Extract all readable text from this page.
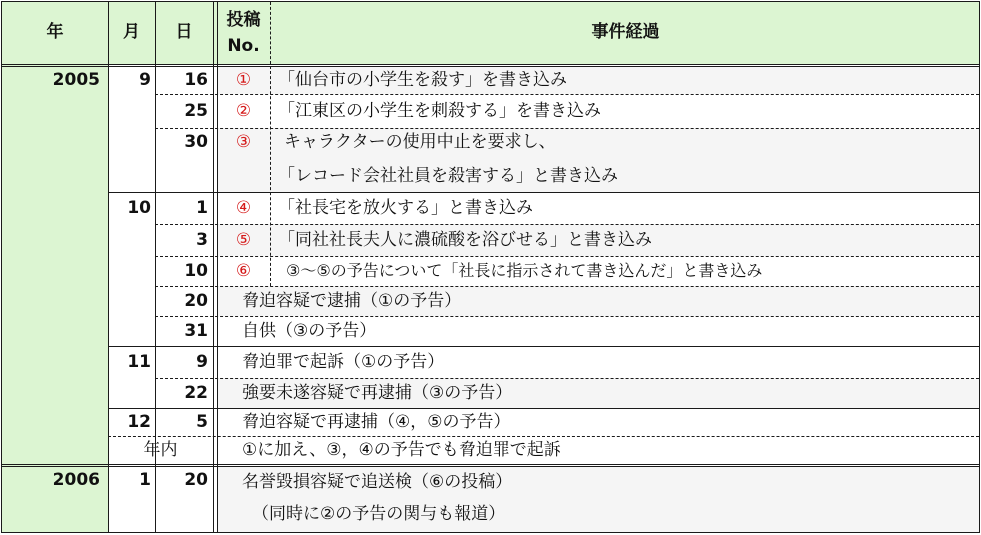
年	月	日
投稿
No.
事件経過
2005
2006
9
10
11
12
年内
1
16
25
30
1
3
10
20
31
9
22
5
20
①
②
③
④
⑤
⑥
「仙台市の小学生を殺す」を書き込み
「江東区の小学生を刺殺する」を書き込み
キャラクターの使用中止を要求し、
「レコード会社社員を殺害する」と書き込み
「社長宅を放火する」と書き込み
「同社社長夫人に濃硫酸を浴びせる」と書き込み
③〜⑤の予告について「社長に指示されて書き込んだ」と書き込み
脅迫容疑で逮捕（①の予告）
自供（③の予告）
脅迫罪で起訴（①の予告）
強要未遂容疑で再逮捕（③の予告）
脅迫容疑で再逮捕（④，⑤の予告）
①に加え、③，④の予告でも脅迫罪で起訴
名誉毀損容疑で追送検（⑥の投稿）
（同時に②の予告の関与も報道）
